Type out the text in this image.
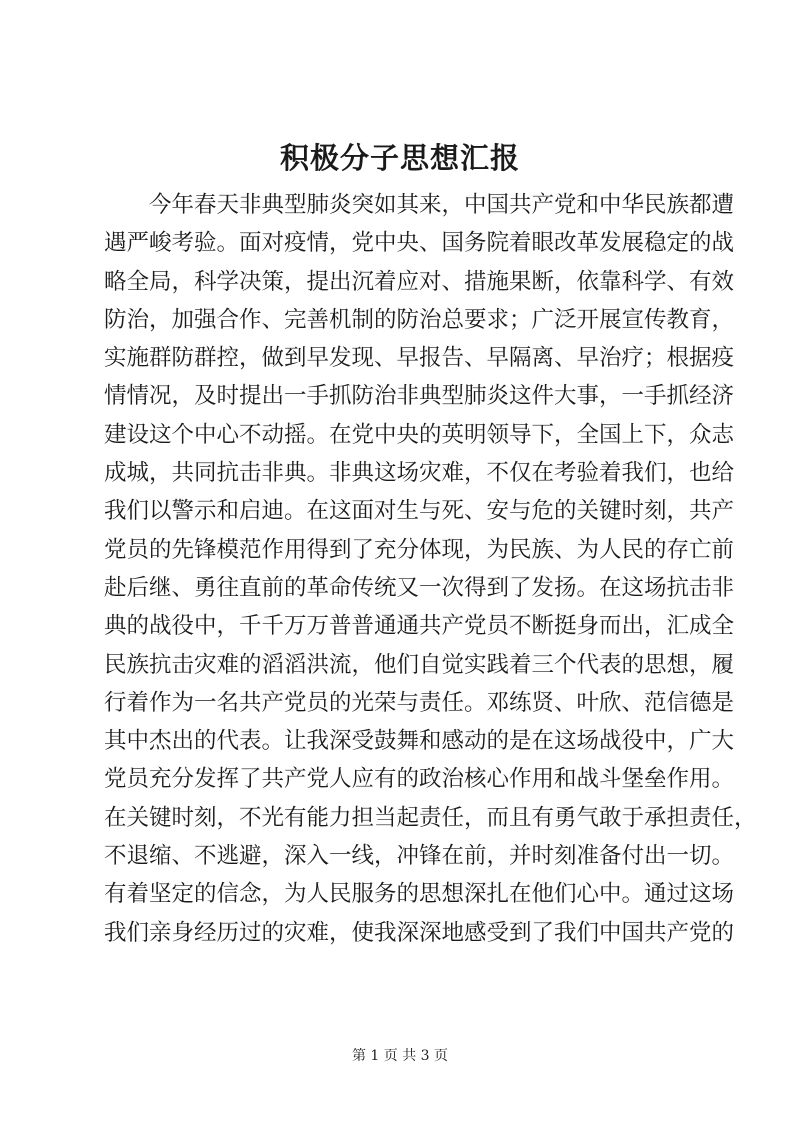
积极分子思想汇报
今年春天非典型肺炎突如其来，中国共产党和中华民族都遭
遇严峻考验。面对疫情，党中央、国务院着眼改革发展稳定的战
略全局，科学决策，提出沉着应对、措施果断，依靠科学、有效
防治，加强合作、完善机制的防治总要求；广泛开展宣传教育，
实施群防群控，做到早发现、早报告、早隔离、早治疗；根据疫
情情况，及时提出一手抓防治非典型肺炎这件大事，一手抓经济
建设这个中心不动摇。在党中央的英明领导下，全国上下，众志
成城，共同抗击非典。非典这场灾难，不仅在考验着我们，也给
我们以警示和启迪。在这面对生与死、安与危的关键时刻，共产
党员的先锋模范作用得到了充分体现，为民族、为人民的存亡前
赴后继、勇往直前的革命传统又一次得到了发扬。在这场抗击非
典的战役中，千千万万普普通通共产党员不断挺身而出，汇成全
民族抗击灾难的滔滔洪流，他们自觉实践着三个代表的思想，履
行着作为一名共产党员的光荣与责任。邓练贤、叶欣、范信德是
其中杰出的代表。让我深受鼓舞和感动的是在这场战役中，广大
党员充分发挥了共产党人应有的政治核心作用和战斗堡垒作用。
在关键时刻，不光有能力担当起责任，而且有勇气敢于承担责任，
不退缩、不逃避，深入一线，冲锋在前，并时刻准备付出一切。
有着坚定的信念，为人民服务的思想深扎在他们心中。通过这场
我们亲身经历过的灾难，使我深深地感受到了我们中国共产党的
第 1 页 共 3 页
